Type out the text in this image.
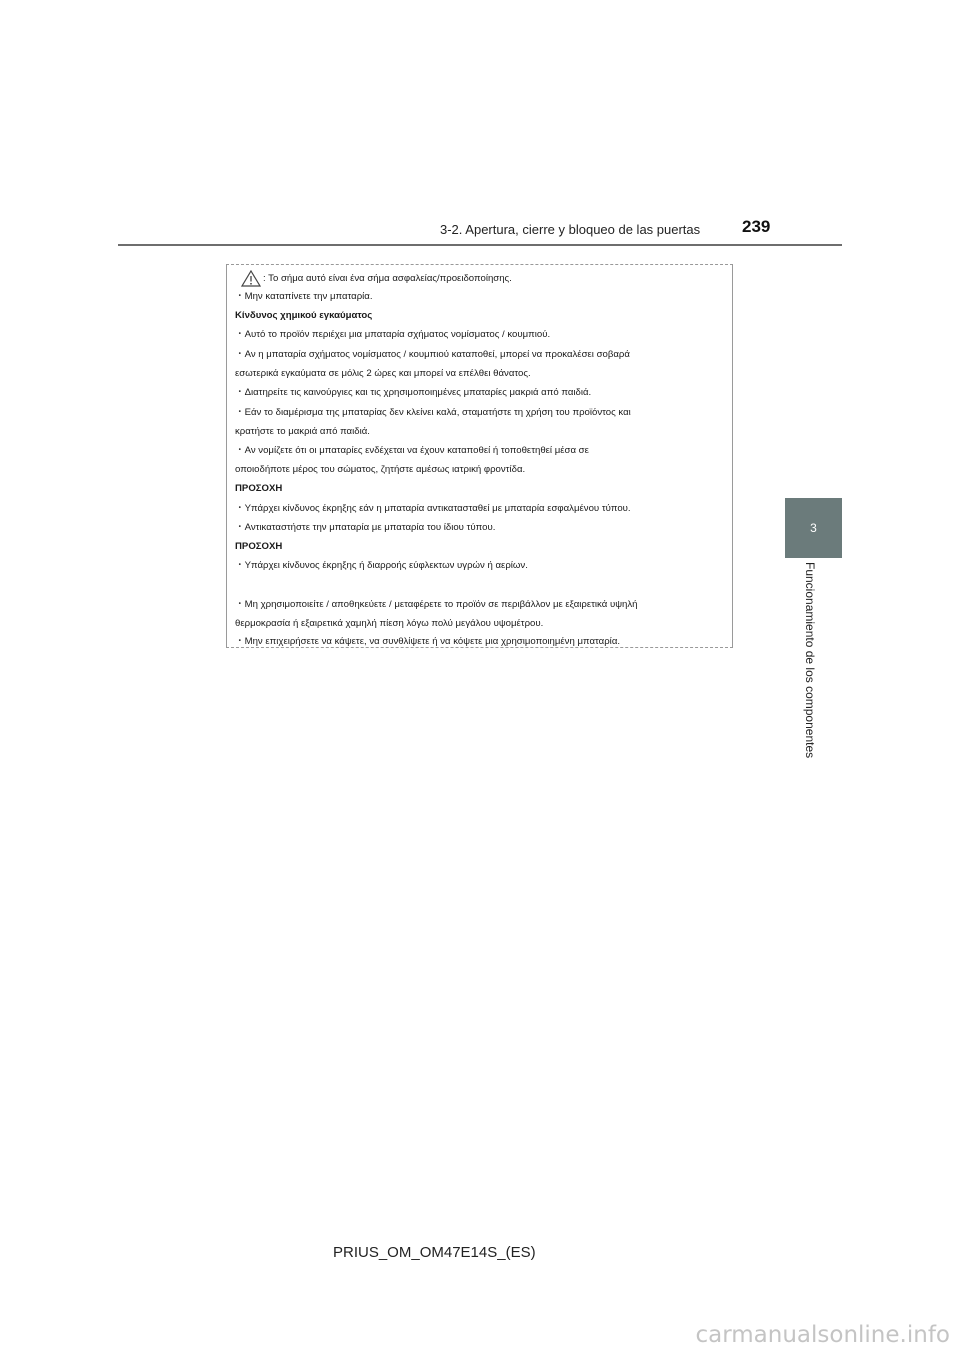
3-2. Apertura, cierre y bloqueo de las puertas 239
3
Funcionamiento de los componentes
: Το σήμα αυτό είναι ένα σήμα ασφαλείας/προειδοποίησης.
・Μην καταπίνετε την μπαταρία.
Κίνδυνος χημικού εγκαύματος
・Αυτό το προϊόν περιέχει μια μπαταρία σχήματος νομίσματος / κουμπιού.
・Αν η μπαταρία σχήματος νομίσματος / κουμπιού καταποθεί, μπορεί να προκαλέσει σοβαρά
εσωτερικά εγκαύματα σε μόλις 2 ώρες και μπορεί να επέλθει θάνατος.
・Διατηρείτε τις καινούργιες και τις χρησιμοποιημένες μπαταρίες μακριά από παιδιά.
・Εάν το διαμέρισμα της μπαταρίας δεν κλείνει καλά, σταματήστε τη χρήση του προϊόντος και
κρατήστε το μακριά από παιδιά.
・Αν νομίζετε ότι οι μπαταρίες ενδέχεται να έχουν καταποθεί ή τοποθετηθεί μέσα σε
οποιοδήποτε μέρος του σώματος, ζητήστε αμέσως ιατρική φροντίδα.
ΠΡΟΣΟΧΗ
・Υπάρχει κίνδυνος έκρηξης εάν η μπαταρία αντικατασταθεί με μπαταρία εσφαλμένου τύπου.
・Αντικαταστήστε την μπαταρία με μπαταρία του ίδιου τύπου.
ΠΡΟΣΟΧΗ
・Υπάρχει κίνδυνος έκρηξης ή διαρροής εύφλεκτων υγρών ή αερίων.
・Μη χρησιμοποιείτε / αποθηκεύετε / μεταφέρετε το προϊόν σε περιβάλλον με εξαιρετικά υψηλή
θερμοκρασία ή εξαιρετικά χαμηλή πίεση λόγω πολύ μεγάλου υψομέτρου.
・Μην επιχειρήσετε να κάψετε, να συνθλίψετε ή να κόψετε μια χρησιμοποιημένη μπαταρία.
PRIUS_OM_OM47E14S_(ES)
carmanualsonline.info
